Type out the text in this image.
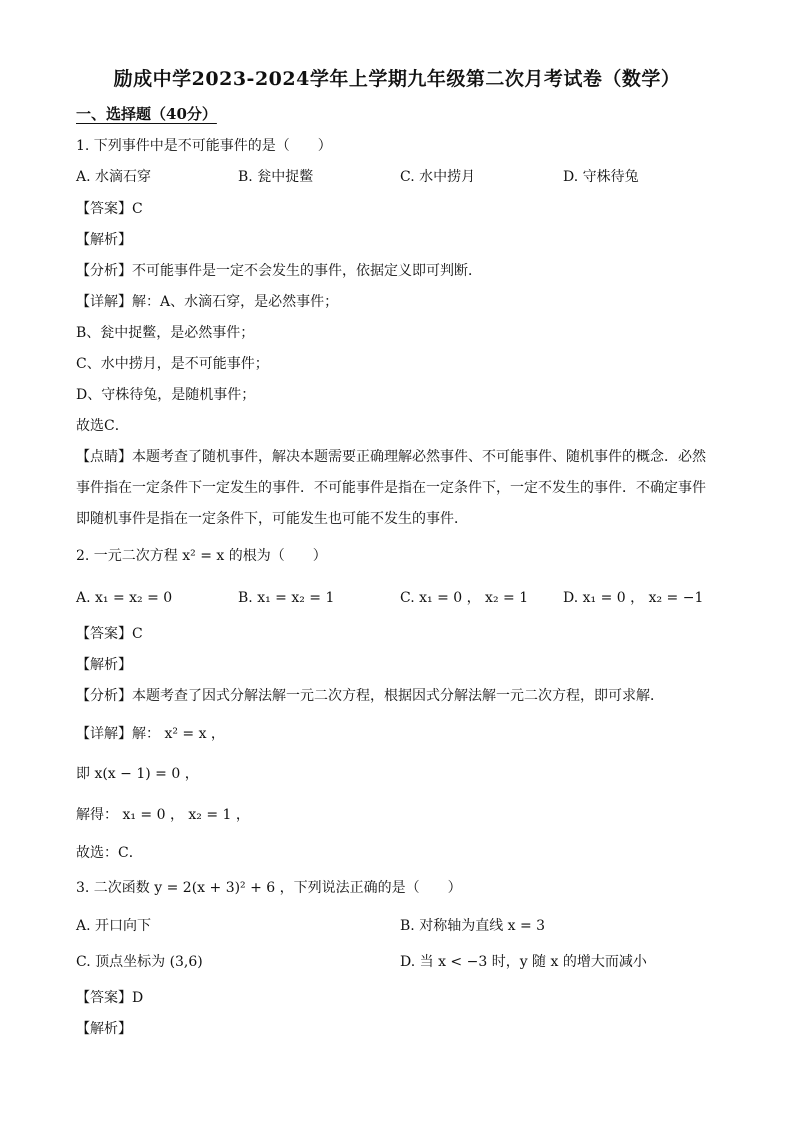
励成中学2023-2024学年上学期九年级第二次月考试卷（数学）
一、选择题（40分）
1. 下列事件中是不可能事件的是（　　）
A. 水滴石穿	B. 瓮中捉鳖	C. 水中捞月	D. 守株待兔
【答案】C
【解析】
【分析】不可能事件是一定不会发生的事件，依据定义即可判断．
【详解】解：A、水滴石穿，是必然事件；
B、瓮中捉鳖，是必然事件；
C、水中捞月，是不可能事件；
D、守株待兔，是随机事件；
故选C．
【点睛】本题考查了随机事件，解决本题需要正确理解必然事件、不可能事件、随机事件的概念．必然事件指在一定条件下一定发生的事件．不可能事件是指在一定条件下，一定不发生的事件．不确定事件即随机事件是指在一定条件下，可能发生也可能不发生的事件．
2. 一元二次方程 x² = x 的根为（　　）
A. x₁ = x₂ = 0	B. x₁ = x₂ = 1	C. x₁ = 0 ， x₂ = 1 D. x₁ = 0 ， x₂ = −1
【答案】C
【解析】
【分析】本题考查了因式分解法解一元二次方程，根据因式分解法解一元二次方程，即可求解．
【详解】解： x² = x ，
即 x(x − 1) = 0 ，
解得： x₁ = 0 ， x₂ = 1 ，
故选：C．
3. 二次函数 y = 2(x + 3)² + 6 ，下列说法正确的是（　　）
A. 开口向下	B. 对称轴为直线 x = 3
C. 顶点坐标为 (3,6)	D. 当 x < −3 时，y 随 x 的增大而减小
【答案】D
【解析】
